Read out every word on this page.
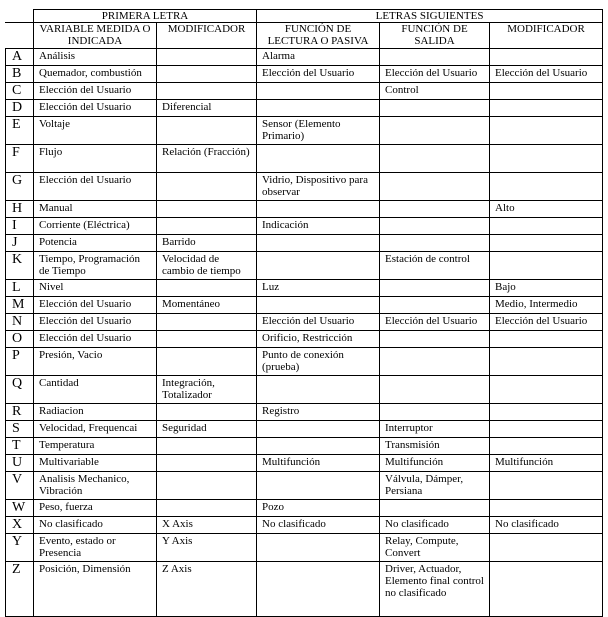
	PRIMERA LETRA		LETRAS SIGUIENTES		
	VARIABLE MEDIDA O INDICADA	MODIFICADOR	FUNCIÓN DE LECTURA O PASIVA	FUNCIÓN DE SALIDA	MODIFICADOR
A	Análisis		Alarma		
B	Quemador, combustión		Elección del Usuario	Elección del Usuario	Elección del Usuario
C	Elección del Usuario			Control	
D	Elección del Usuario	Diferencial			
E	Voltaje		Sensor (Elemento Primario)		
F	Flujo	Relación (Fracción)			
G	Elección del Usuario		Vidrio, Dispositivo para observar		
H	Manual				Alto
I	Corriente (Eléctrica)		Indicación		
J	Potencia	Barrido			
K	Tiempo, Programación de Tiempo	Velocidad de cambio de tiempo		Estación de control	
L	Nivel		Luz		Bajo
M	Elección del Usuario	Momentáneo			Medio, Intermedio
N	Elección del Usuario		Elección del Usuario	Elección del Usuario	Elección del Usuario
O	Elección del Usuario		Orificio, Restricción		
P	Presión, Vacio		Punto de conexión (prueba)		
Q	Cantidad	Integración, Totalizador			
R	Radiacion		Registro		
S	Velocidad, Frequencai	Seguridad		Interruptor	
T	Temperatura			Transmisión	
U	Multivariable		Multifunción	Multifunción	Multifunción
V	Analisis Mechanico, Vibración			Válvula, Dámper, Persiana	
W	Peso, fuerza		Pozo		
X	No clasificado	X Axis	No clasificado	No clasificado	No clasificado
Y	Evento, estado or Presencia	Y Axis		Relay, Compute, Convert	
Z	Posición, Dimensión	Z Axis		Driver, Actuador, Elemento final control no clasificado	
